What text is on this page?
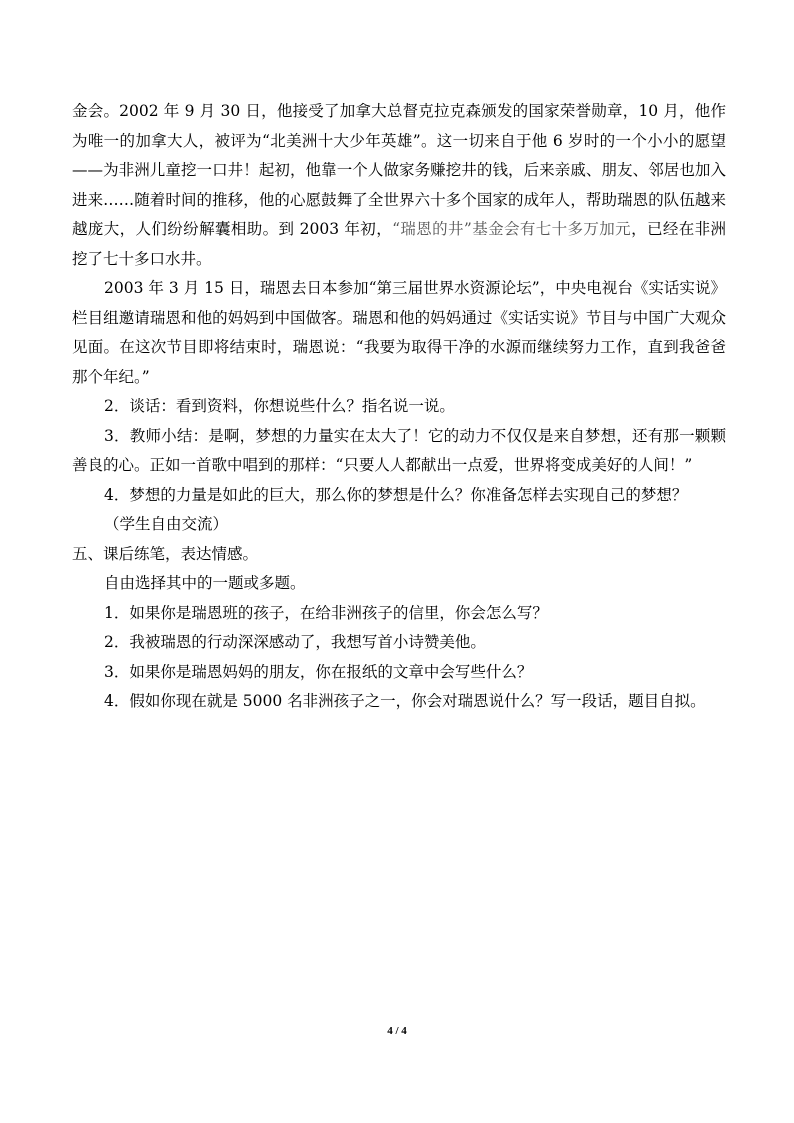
金会。2002 年 9 月 30 日，他接受了加拿大总督克拉克森颁发的国家荣誉勋章，10 月，他作为唯一的加拿大人，被评为“北美洲十大少年英雄”。这一切来自于他 6 岁时的一个小小的愿望——为非洲儿童挖一口井！起初，他靠一个人做家务赚挖井的钱，后来亲戚、朋友、邻居也加入进来……随着时间的推移，他的心愿鼓舞了全世界六十多个国家的成年人，帮助瑞恩的队伍越来越庞大，人们纷纷解囊相助。到 2003 年初，“瑞恩的井”基金会有七十多万加元，已经在非洲挖了七十多口水井。

2003 年 3 月 15 日，瑞恩去日本参加“第三届世界水资源论坛”，中央电视台《实话实说》栏目组邀请瑞恩和他的妈妈到中国做客。瑞恩和他的妈妈通过《实话实说》节目与中国广大观众见面。在这次节目即将结束时，瑞恩说：“我要为取得干净的水源而继续努力工作，直到我爸爸那个年纪。”

2．谈话：看到资料，你想说些什么？指名说一说。

3．教师小结：是啊，梦想的力量实在太大了！它的动力不仅仅是来自梦想，还有那一颗颗善良的心。正如一首歌中唱到的那样：“只要人人都献出一点爱，世界将变成美好的人间！”

4．梦想的力量是如此的巨大，那么你的梦想是什么？你准备怎样去实现自己的梦想？

（学生自由交流）

五、课后练笔，表达情感。

自由选择其中的一题或多题。

1．如果你是瑞恩班的孩子，在给非洲孩子的信里，你会怎么写？

2．我被瑞恩的行动深深感动了，我想写首小诗赞美他。

3．如果你是瑞恩妈妈的朋友，你在报纸的文章中会写些什么？

4．假如你现在就是 5000 名非洲孩子之一，你会对瑞恩说什么？写一段话，题目自拟。

4 / 4
